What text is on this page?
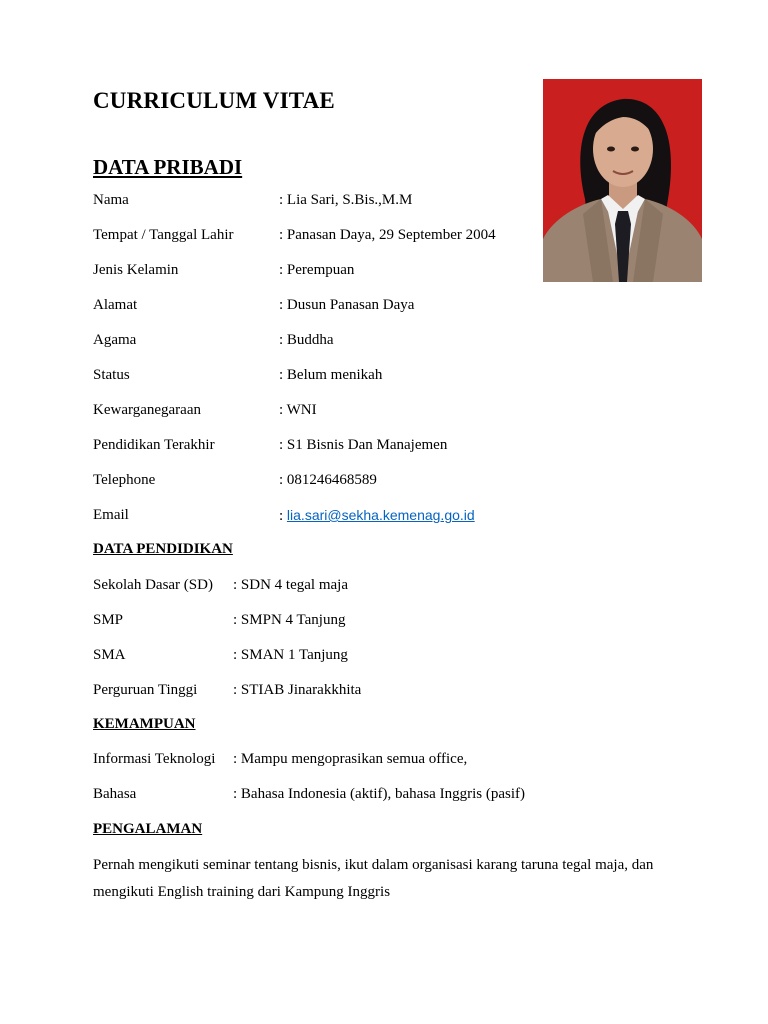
CURRICULUM VITAE
DATA PRIBADI
Nama	: Lia Sari, S.Bis.,M.M
Tempat / Tanggal Lahir	: Panasan Daya, 29 September 2004
Jenis Kelamin	: Perempuan
Alamat	: Dusun Panasan Daya
Agama	: Buddha
Status	: Belum menikah
Kewarganegaraan	: WNI
Pendidikan Terakhir	: S1 Bisnis Dan Manajemen
Telephone	: 081246468589
Email	: lia.sari@sekha.kemenag.go.id
DATA PENDIDIKAN
Sekolah Dasar (SD) : SDN 4 tegal maja
SMP	: SMPN 4 Tanjung
SMA	: SMAN 1 Tanjung
Perguruan Tinggi : STIAB Jinarakkhita
KEMAMPUAN
Informasi Teknologi : Mampu mengoprasikan semua office,
Bahasa	: Bahasa Indonesia (aktif), bahasa Inggris (pasif)
PENGALAMAN

Pernah mengikuti seminar tentang bisnis, ikut dalam organisasi karang taruna tegal maja, dan mengikuti English training dari Kampung Inggris
